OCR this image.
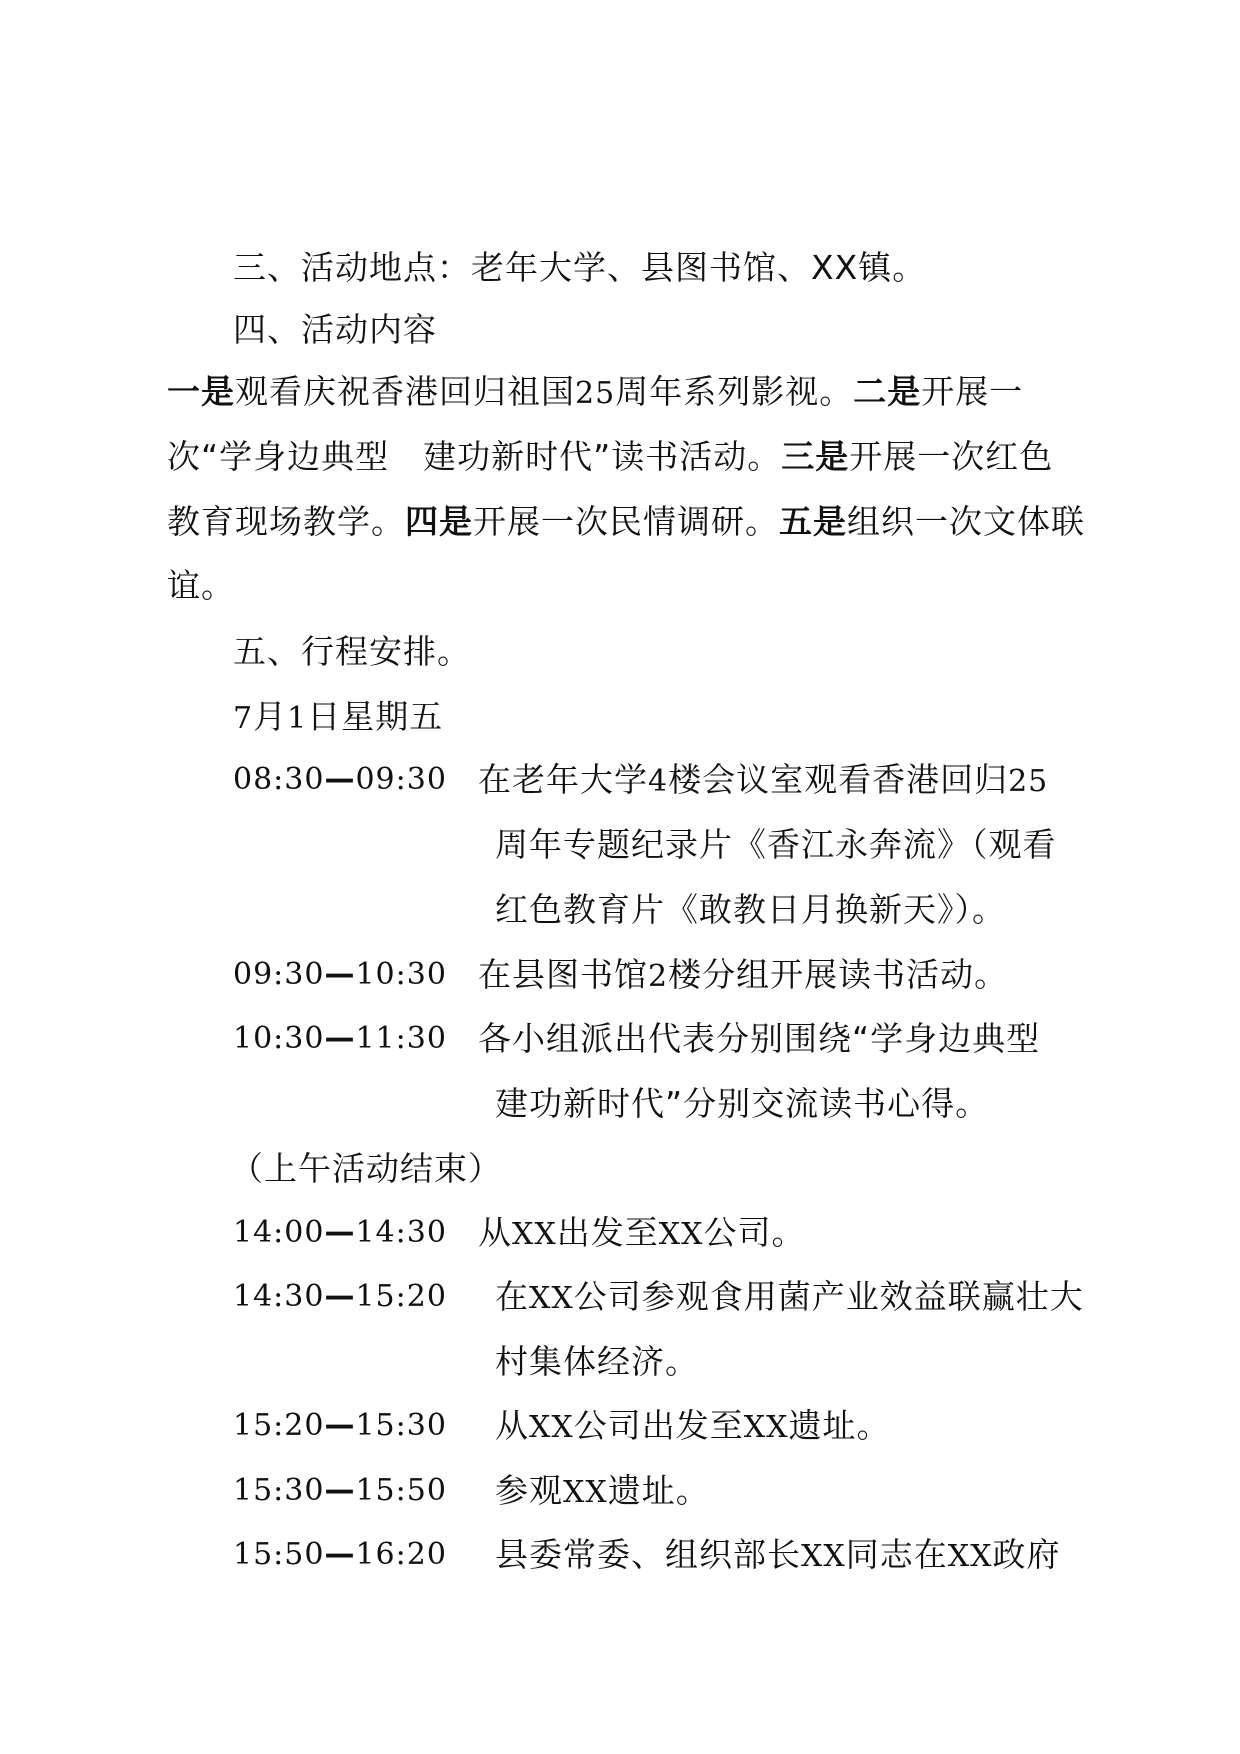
三、活动地点：老年大学、县图书馆、XX镇。
四、活动内容
一是观看庆祝香港回归祖国25周年系列影视。二是开展一
次“学身边典型　建功新时代”读书活动。三是开展一次红色
教育现场教学。四是开展一次民情调研。五是组织一次文体联
谊。
五、行程安排。
7月1日星期五
08:30—09:30
09:30—10:30
10:30—11:30
14:00—14:30
14:30—15:20
15:20—15:30
15:30—15:50
15:50—16:20
在老年大学4楼会议室观看香港回归25
周年专题纪录片《香江永奔流》（观看
红色教育片《敢教日月换新天》）。
在县图书馆2楼分组开展读书活动。
各小组派出代表分别围绕“学身边典型
建功新时代”分别交流读书心得。
（上午活动结束）
从XX出发至XX公司。
在XX公司参观食用菌产业效益联赢壮大
村集体经济。
从XX公司出发至XX遗址。
参观XX遗址。
县委常委、组织部长XX同志在XX政府
